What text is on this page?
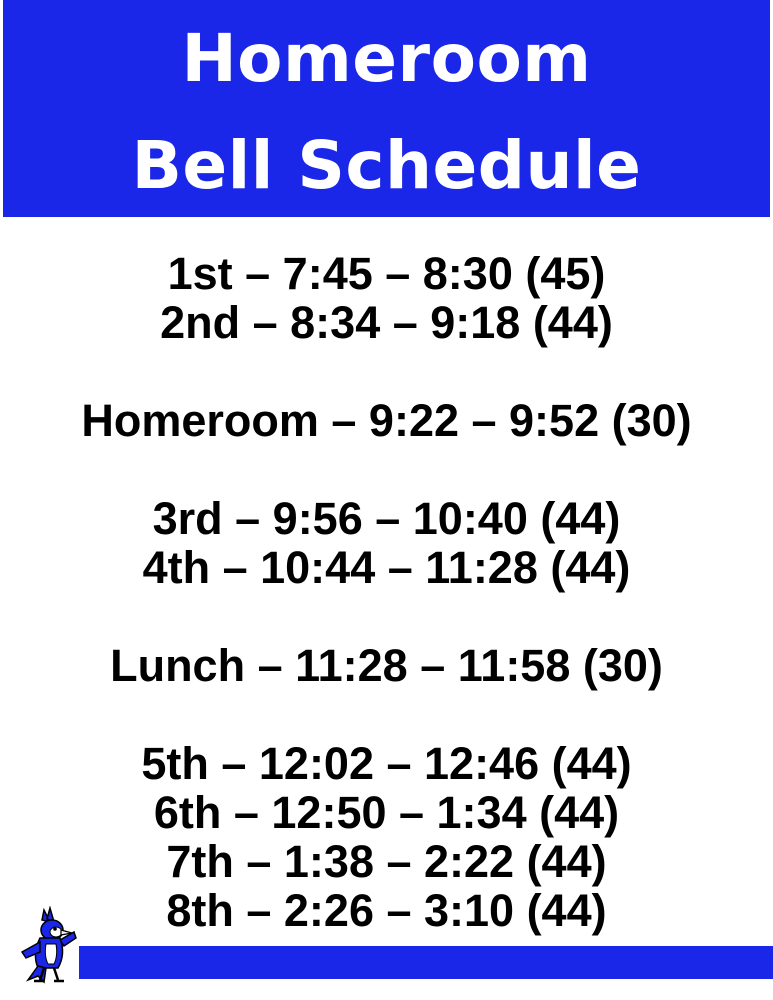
Homeroom
Bell Schedule
1st – 7:45 – 8:30 (45)
2nd – 8:34 – 9:18 (44)
Homeroom – 9:22 – 9:52 (30)
3rd – 9:56 – 10:40 (44)
4th – 10:44 – 11:28 (44)
Lunch – 11:28 – 11:58 (30)
5th – 12:02 – 12:46 (44)
6th – 12:50 – 1:34 (44)
7th – 1:38 – 2:22 (44)
8th – 2:26 – 3:10 (44)
